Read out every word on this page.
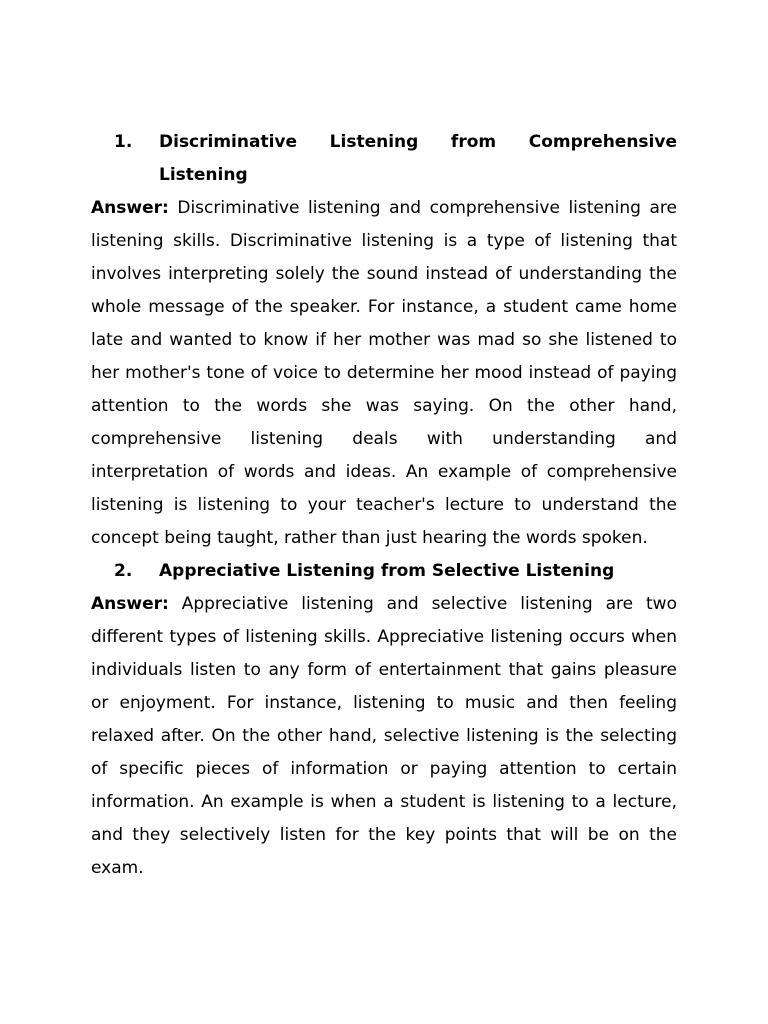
1.	Discriminative Listening from Comprehensive Listening

Answer: Discriminative listening and comprehensive listening are listening skills. Discriminative listening is a type of listening that involves interpreting solely the sound instead of understanding the whole message of the speaker. For instance, a student came home late and wanted to know if her mother was mad so she listened to her mother's tone of voice to determine her mood instead of paying attention to the words she was saying. On the other hand, comprehensive listening deals with understanding and interpretation of words and ideas. An example of comprehensive listening is listening to your teacher's lecture to understand the concept being taught, rather than just hearing the words spoken.

2.	Appreciative Listening from Selective Listening

Answer: Appreciative listening and selective listening are two different types of listening skills. Appreciative listening occurs when individuals listen to any form of entertainment that gains pleasure or enjoyment. For instance, listening to music and then feeling relaxed after. On the other hand, selective listening is the selecting of specific pieces of information or paying attention to certain information. An example is when a student is listening to a lecture, and they selectively listen for the key points that will be on the exam.
